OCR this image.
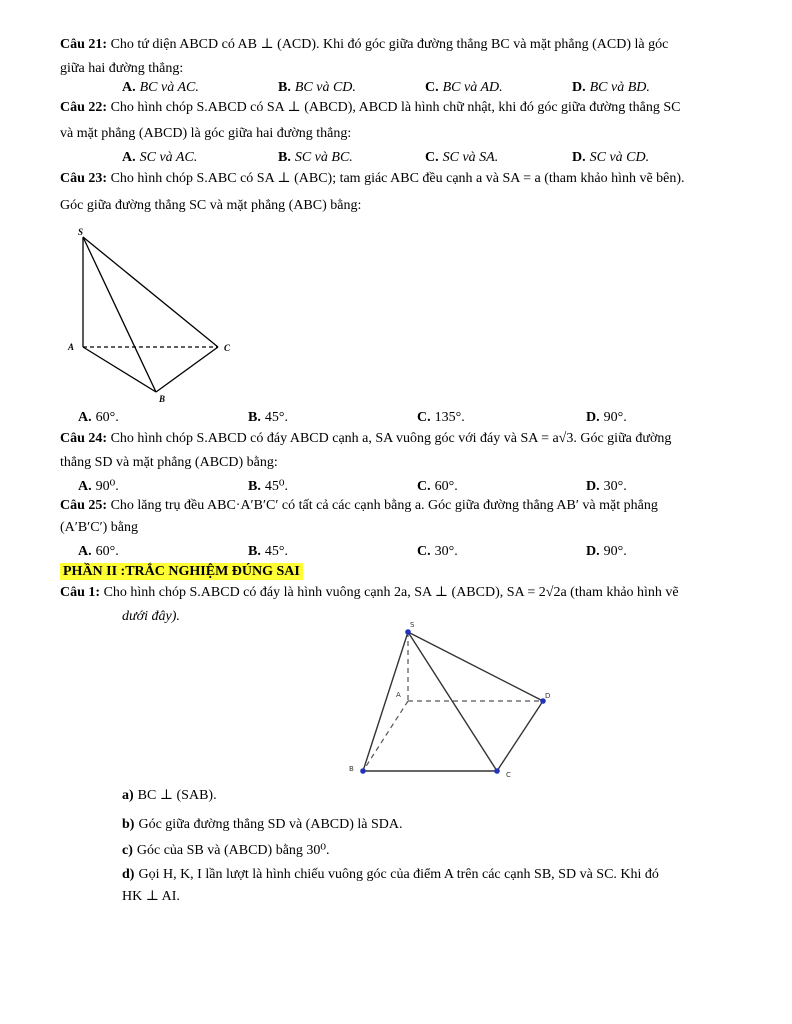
Câu 21: Cho tứ diện ABCD có AB ⊥ (ACD). Khi đó góc giữa đường thẳng BC và mặt phẳng (ACD) là góc
giữa hai đường thẳng:
A. BC và AC.	B. BC và CD.	C. BC và AD.	D. BC và BD.
Câu 22: Cho hình chóp S.ABCD có SA ⊥ (ABCD), ABCD là hình chữ nhật, khi đó góc giữa đường thẳng SC
và mặt phẳng (ABCD) là góc giữa hai đường thẳng:
A. SC và AC.	B. SC và BC.	C. SC và SA.	D. SC và CD.
Câu 23: Cho hình chóp S.ABC có SA ⊥ (ABC); tam giác ABC đều cạnh a và SA = a (tham khảo hình vẽ bên).
Góc giữa đường thẳng SC và mặt phẳng (ABC) bằng:
S
A
B
C
A. 60°.	B. 45°.	C. 135°.	D. 90°.
Câu 24: Cho hình chóp S.ABCD có đáy ABCD cạnh a, SA vuông góc với đáy và SA = a√3. Góc giữa đường
thẳng SD và mặt phẳng (ABCD) bằng:
A. 90⁰.	B. 45⁰.	C. 60°.	D. 30°.
Câu 25: Cho lăng trụ đều ABC·A′B′C′ có tất cả các cạnh bằng a. Góc giữa đường thẳng AB′ và mặt phẳng
(A′B′C′) bằng
A. 60°.	B. 45°.	C. 30°.	D. 90°.
PHẦN II :TRẮC NGHIỆM ĐÚNG SAI
Câu 1: Cho hình chóp S.ABCD có đáy là hình vuông cạnh 2a, SA ⊥ (ABCD), SA = 2√2a (tham khảo hình vẽ
dưới đây).
S
A
B
C
D
a) BC ⊥ (SAB).
b) Góc giữa đường thẳng SD và (ABCD) là SDA.
c) Góc của SB và (ABCD) bằng 30⁰.
d) Gọi H, K, I lần lượt là hình chiếu vuông góc của điểm A trên các cạnh SB, SD và SC. Khi đó
HK ⊥ AI.
